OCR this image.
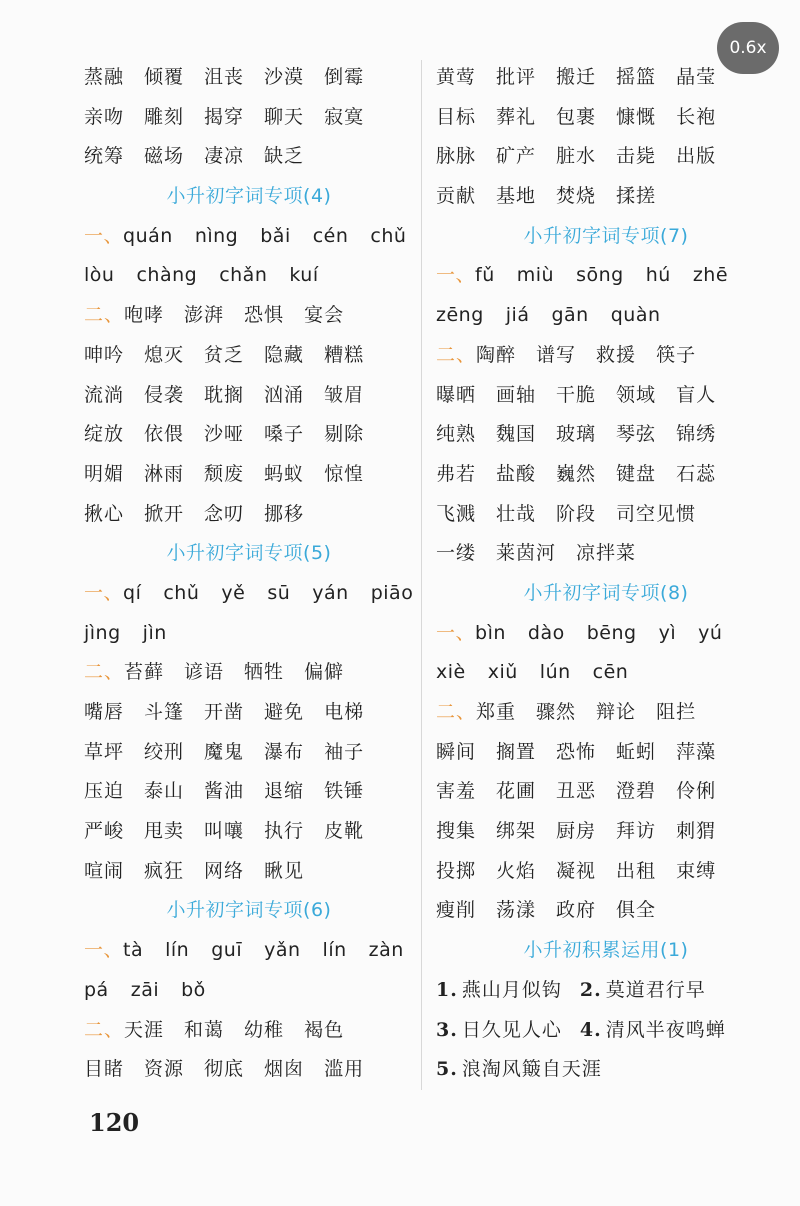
蒸融 倾覆 沮丧 沙漠 倒霉
亲吻 雕刻 揭穿 聊天 寂寞
统筹 磁场 凄凉 缺乏
小升初字词专项(4)
一、quán nìng bǎi cén chǔ
lòu chàng chǎn kuí
二、咆哮 澎湃 恐惧 宴会
呻吟 熄灭 贫乏 隐藏 糟糕
流淌 侵袭 耽搁 汹涌 皱眉
绽放 依偎 沙哑 嗓子 剔除
明媚 淋雨 颓废 蚂蚁 惊惶
揪心 掀开 念叨 挪移
小升初字词专项(5)
一、qí chǔ yě sū yán piāo
jìng jìn
二、苔藓 谚语 牺牲 偏僻
嘴唇 斗篷 开凿 避免 电梯
草坪 绞刑 魔鬼 瀑布 袖子
压迫 泰山 酱油 退缩 铁锤
严峻 甩卖 叫嚷 执行 皮靴
喧闹 疯狂 网络 瞅见
小升初字词专项(6)
一、tà lín guī yǎn lín zàn
pá zāi bǒ
二、天涯 和蔼 幼稚 褐色
目睹 资源 彻底 烟囱 滥用
黄莺 批评 搬迁 摇篮 晶莹
目标 葬礼 包裹 慷慨 长袍
脉脉 矿产 脏水 击毙 出版
贡献 基地 焚烧 揉搓
小升初字词专项(7)
一、fǔ miù sōng hú zhē
zēng jiá gān quàn
二、陶醉 谱写 救援 筷子
曝晒 画轴 干脆 领域 盲人
纯熟 魏国 玻璃 琴弦 锦绣
弗若 盐酸 巍然 键盘 石蕊
飞溅 壮哉 阶段 司空见惯
一缕 莱茵河 凉拌菜
小升初字词专项(8)
一、bìn dào bēng yì yú
xiè xiǔ lún cēn
二、郑重 骤然 辩论 阻拦
瞬间 搁置 恐怖 蚯蚓 萍藻
害羞 花圃 丑恶 澄碧 伶俐
搜集 绑架 厨房 拜访 刺猬
投掷 火焰 凝视 出租 束缚
瘦削 荡漾 政府 俱全
小升初积累运用(1)
1. 燕山月似钩 2. 莫道君行早
3. 日久见人心 4. 清风半夜鸣蝉
5. 浪淘风簸自天涯
120
0.6x
